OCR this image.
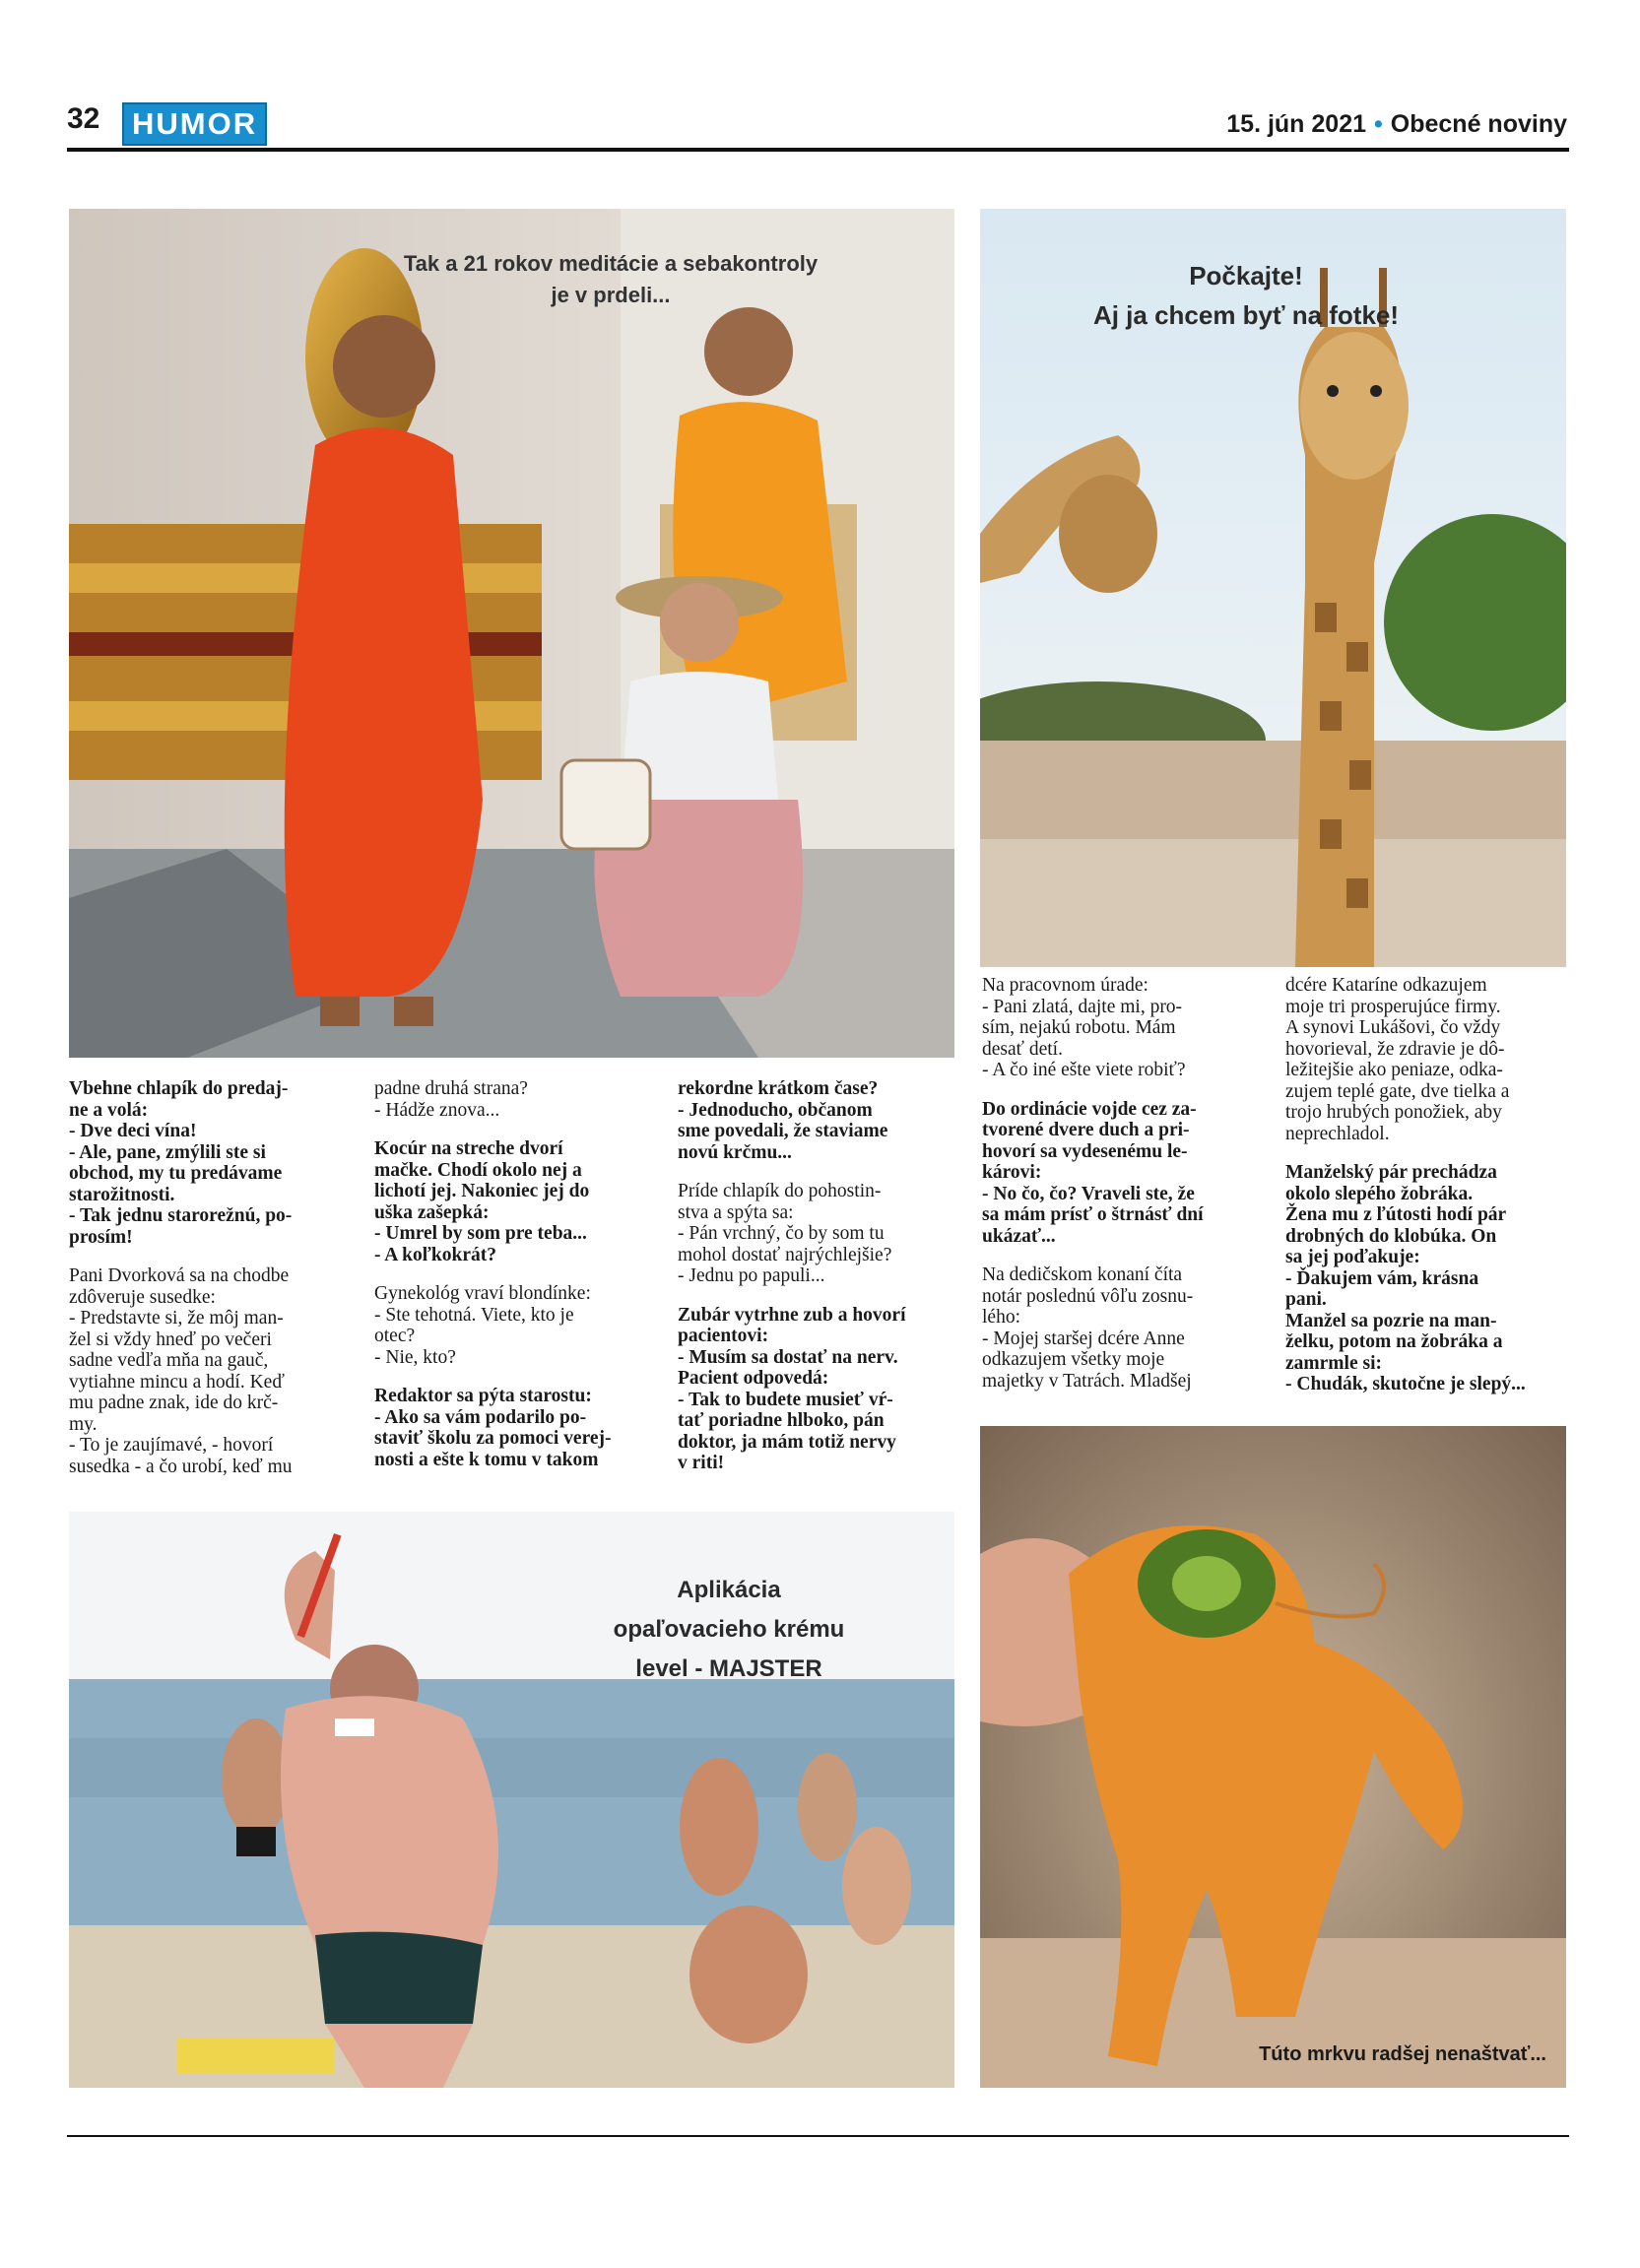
32	HUMOR	15. jún 2021 • Obecné noviny
Tak a 21 rokov meditácie a sebakontroly
je v prdeli...
Počkajte!
Aj ja chcem byť na fotke!

Vbehne chlapík do predaj-
ne a volá:
- Dve deci vína!
- Ale, pane, zmýlili ste si
obchod, my tu predávame
starožitnosti.
- Tak jednu starorežnú, po-
prosím!

Pani Dvorková sa na chodbe
zdôveruje susedke:
- Predstavte si, že môj man-
žel si vždy hneď po večeri
sadne vedľa mňa na gauč,
vytiahne mincu a hodí. Keď
mu padne znak, ide do krč-
my.
- To je zaujímavé, - hovorí
susedka - a čo urobí, keď mu

padne druhá strana?
- Hádže znova...

Kocúr na streche dvorí
mačke. Chodí okolo nej a
lichotí jej. Nakoniec jej do
uška zašepká:
- Umrel by som pre teba...
- A koľkokrát?

Gynekológ vraví blondínke:
- Ste tehotná. Viete, kto je
otec?
- Nie, kto?

Redaktor sa pýta starostu:
- Ako sa vám podarilo po-
staviť školu za pomoci verej-
nosti a ešte k tomu v takom

rekordne krátkom čase?
- Jednoducho, občanom
sme povedali, že staviame
novú krčmu...

Príde chlapík do pohostin-
stva a spýta sa:
- Pán vrchný, čo by som tu
mohol dostať najrýchlejšie?
- Jednu po papuli...

Zubár vytrhne zub a hovorí
pacientovi:
- Musím sa dostať na nerv.
Pacient odpovedá:
- Tak to budete musieť vŕ-
tať poriadne hlboko, pán
doktor, ja mám totiž nervy
v riti!

Na pracovnom úrade:
- Pani zlatá, dajte mi, pro-
sím, nejakú robotu. Mám
desať detí.
- A čo iné ešte viete robiť?

Do ordinácie vojde cez za-
tvorené dvere duch a pri-
hovorí sa vydesenému le-
károvi:
- No čo, čo? Vraveli ste, že
sa mám prísť o štrnásť dní
ukázať...

Na dedičskom konaní číta
notár poslednú vôľu zosnu-
lého:
- Mojej staršej dcére Anne
odkazujem všetky moje
majetky v Tatrách. Mladšej

dcére Kataríne odkazujem
moje tri prosperujúce firmy.
A synovi Lukášovi, čo vždy
hovorieval, že zdravie je dô-
ležitejšie ako peniaze, odka-
zujem teplé gate, dve tielka a
trojo hrubých ponožiek, aby
neprechladol.

Manželský pár prechádza
okolo slepého žobráka.
Žena mu z ľútosti hodí pár
drobných do klobúka. On
sa jej poďakuje:
- Ďakujem vám, krásna
pani.
Manžel sa pozrie na man-
želku, potom na žobráka a
zamrmle si:
- Chudák, skutočne je slepý...

Aplikácia
opaľovacieho krému
level - MAJSTER
Túto mrkvu radšej nenaštvať...
